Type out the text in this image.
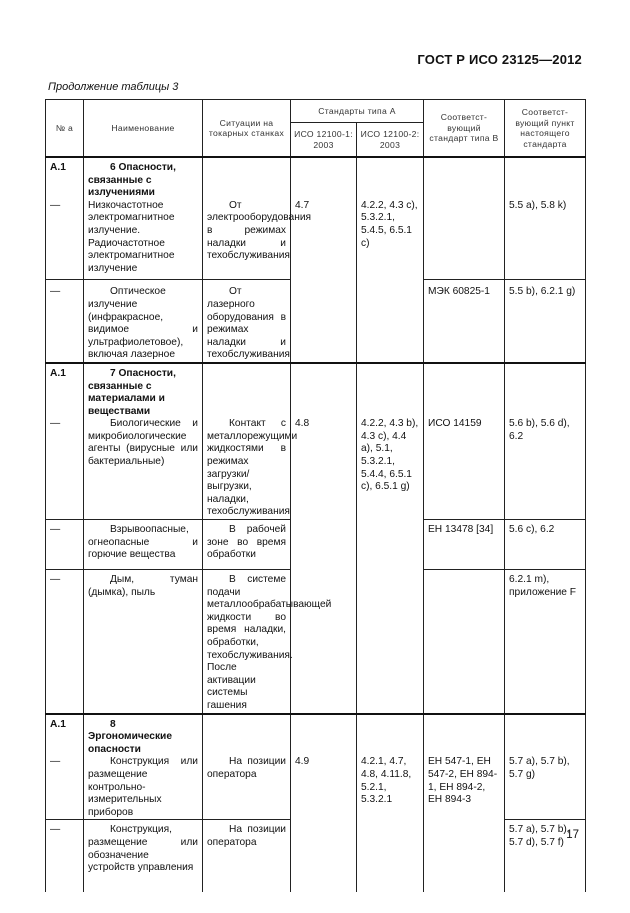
ГОСТ Р ИСО 23125—2012
Продолжение таблицы 3
№ a	Наименование	Ситуации на токарных станках	Стандарты типа А		Соответст-вующий стандарт типа В	Соответст-вующий пункт настоящего стандарта
			ИСО 12100-1: 2003	ИСО 12100-2: 2003		

A.1	6 Опасности, связанные с излучениями					
—	Низкочастотное электромагнитное излучение. Радиочастотное электромагнитное излучение	От электрооборудования в режимах наладки и техобслуживания	4.7	4.2.2, 4.3 c), 5.3.2.1, 5.4.5, 6.5.1 c)		5.5 a), 5.8 k)
—	Оптическое излучение (инфракрасное, видимое и ультрафиолетовое), включая лазерное	От лазерного оборудования в режимах наладки и техобслуживания			МЭК 60825-1	5.5 b), 6.2.1 g)

A.1	7 Опасности, связанные с материалами и веществами					
—	Биологические и микробиологические агенты (вирусные или бактериальные)	Контакт с металлорежущими жидкостями в режимах загрузки/ выгрузки, наладки, техобслуживания	4.8	4.2.2, 4.3 b), 4.3 c), 4.4 a), 5.1, 5.3.2.1, 5.4.4, 6.5.1 c), 6.5.1 g)	ИСО 14159	5.6 b), 5.6 d), 6.2
—	Взрывоопасные, огнеопасные и горючие вещества	В рабочей зоне во время обработки			ЕН 13478 [34]	5.6 c), 6.2
—	Дым, туман (дымка), пыль	В системе подачи металлообрабатывающей жидкости во время наладки, обработки, техобслуживания. После активации системы гашения				6.2.1 m), приложение F

A.1	8 Эргономические опасности					
—	Конструкция или размещение контрольно-измерительных приборов	На позиции оператора	4.9	4.2.1, 4.7, 4.8, 4.11.8, 5.2.1, 5.3.2.1	ЕН 547-1, ЕН 547-2, ЕН 894-1, ЕН 894-2, ЕН 894-3	5.7 a), 5.7 b), 5.7 g)
—	Конструкция, размещение или обозначение устройств управления	На позиции оператора				5.7 a), 5.7 b), 5.7 d), 5.7 f)
17
